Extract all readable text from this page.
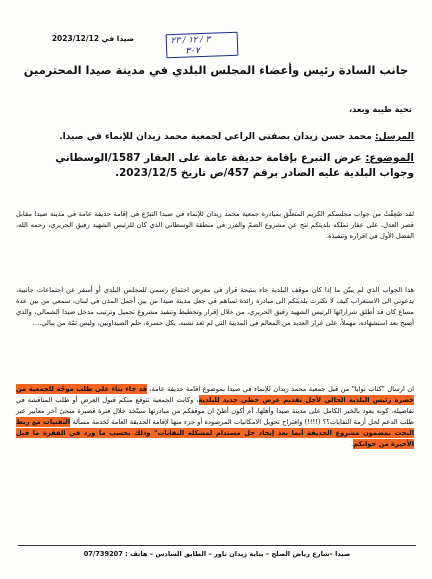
صيدا في 2023/12/12	٣ / ١٢ / ٢٣
٣٠٧
جانب السادة رئيس وأعضاء المجلس البلدي في مدينة صيدا المحترمين
تحية طيبة وبعد،
المرسل: محمد حسن زيدان بصفتي الراعي لجمعية محمد زيدان للإنماء في صيدا.
الموضوع: عرض التبرع بإقامة حديقة عامة على العقار 1587/الوسطاني وجواب البلدية عليه الصادر برقم 457/ص تاريخ 2023/12/5.

لقد صُعِقْتُ من جواب مجلسكم الكريم المتعلّق بمبادرة جمعية محمد زيدان للإنماء في صيدا التبرّع في إقامة حديقة عامة في مدينة صيدا مقابل قصر العدل، على عقار تملكه بلديتكم نتج عن مشروع الضمّ والفرز في منطقة الوسطاني الذي كان للرئيس الشهيد رفيق الحريري، رحمه الله، الفضل الأول في اقراره وتنفيذه.

هذا الجواب الذي لم يبيّن ما إذا كان موقف البلدية جاء بنتيجة قرار في معرض اجتماع رسمي للمجلس البلدي أو أسفر عن اجتماعات جانبية، يدعوني الى الاستغراب كيف لا تكترث بلديتكم الى مبادرة رائدة تساهم في جعل مدينة صيدا من بين أجمل المدن في لبنان، سمعي من بين عدة مساع كان قد أطلق شراراتها الرئيس الشهيد رفيق الحريري، من خلال إقرار وتخطيط وتنفيذ مشروع تجميل وترتيب مدخل صيدا الشمالي، والذي أصبح بعد استشهاده، مهملاً، على غرار العديد من المعالم في المدينة التي لم تعد تشبه، بكل حسرة، حلم الصيداويين، وليس ثمّة من يبالي....

ان ارسال "كتاب نوايا" من قبل جمعية محمد زيدان للإنماء في صيدا بموضوع اقامة حديقة عامة، قد جاء بناء على طلب موجّه للجمعية من حضرة رئيس البلدية الحالي لأجل تقديم عرض خطي جديد للبلدية، وكانت الجمعية تتوقع منكم قبول العرض أو طلب المناقشة في تفاصيله، كونه يعود بالخير الكامل على مدينة صيدا وأهلها. أم أكون أظنّ ان موقفكم من مبادرتها سيتّخذ خلال فترة قصيرة منحىً آخر معايير عبر طلب الدعم لحل أزمة النفايات؟؟ (!!!!) وافتراح تحويل الامكانيات المرصودة أو جزء منها لإقامة الحديقة العامة لخدمة مسألة التقنيات مع ربط البحث بمضمون مشروع الحديقة أنما بعد إيجاد حل مستدام لمشكلة النفايات" وذلك بحسب ما ورد في الفقرة ما قبل الأخيرة من جوابكم

صيدا –شارع رياض الصلح – بناية زيدان تاور – الطابق السادس – هاتف : 07/739207
